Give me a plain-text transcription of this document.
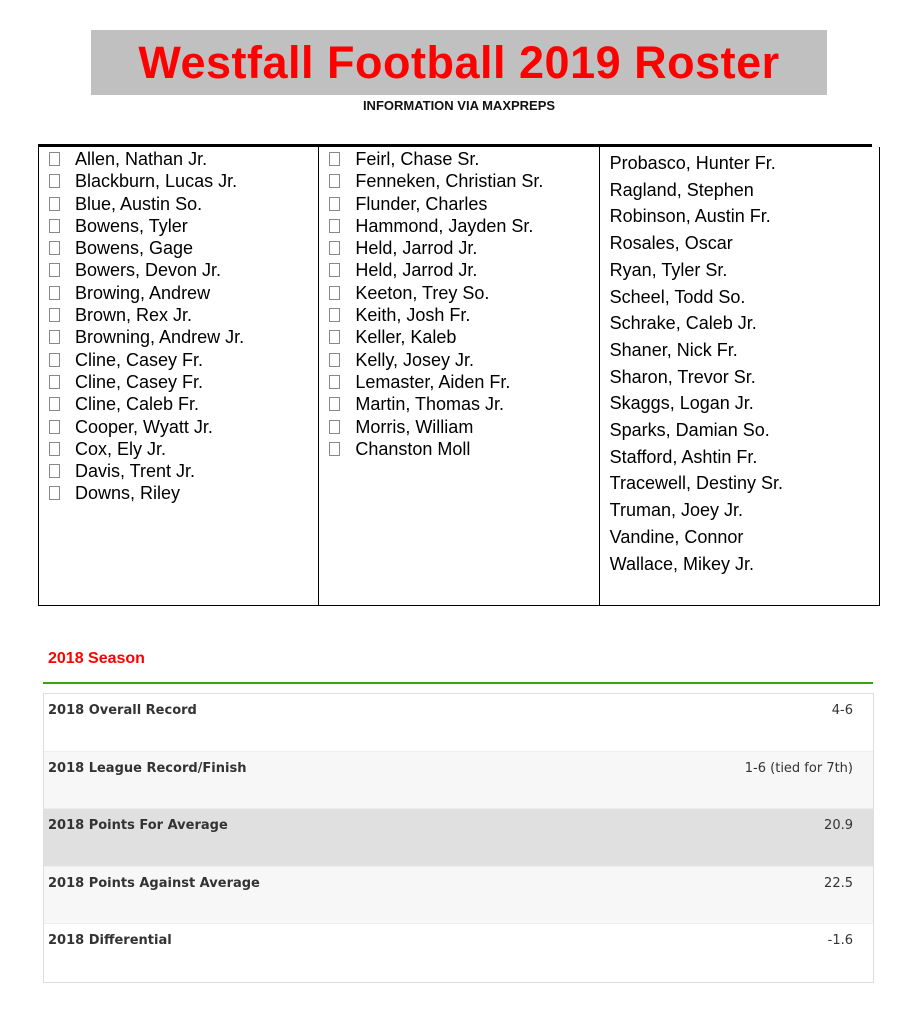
Westfall Football 2019 Roster
INFORMATION VIA MAXPREPS
Allen, Nathan Jr.
Blackburn, Lucas Jr.
Blue, Austin So.
Bowens, Tyler
Bowens, Gage
Bowers, Devon Jr.
Browing, Andrew
Brown, Rex Jr.
Browning, Andrew Jr.
Cline, Casey Fr.
Cline, Casey Fr.
Cline, Caleb Fr.
Cooper, Wyatt Jr.
Cox, Ely Jr.
Davis, Trent Jr.
Downs, Riley
Feirl, Chase Sr.
Fenneken, Christian Sr.
Flunder, Charles
Hammond, Jayden Sr.
Held, Jarrod Jr.
Held, Jarrod Jr.
Keeton, Trey So.
Keith, Josh Fr.
Keller, Kaleb
Kelly, Josey Jr.
Lemaster, Aiden Fr.
Martin, Thomas Jr.
Morris, William
Chanston Moll
Probasco, Hunter Fr.
Ragland, Stephen
Robinson, Austin Fr.
Rosales, Oscar
Ryan, Tyler Sr.
Scheel, Todd So.
Schrake, Caleb Jr.
Shaner, Nick Fr.
Sharon, Trevor Sr.
Skaggs, Logan Jr.
Sparks, Damian So.
Stafford, Ashtin Fr.
Tracewell, Destiny Sr.
Truman, Joey Jr.
Vandine, Connor
Wallace, Mikey Jr.
2018 Season
2018 Overall Record	4-6
2018 League Record/Finish	1-6 (tied for 7th)
2018 Points For Average	20.9
2018 Points Against Average	22.5
2018 Differential	-1.6
